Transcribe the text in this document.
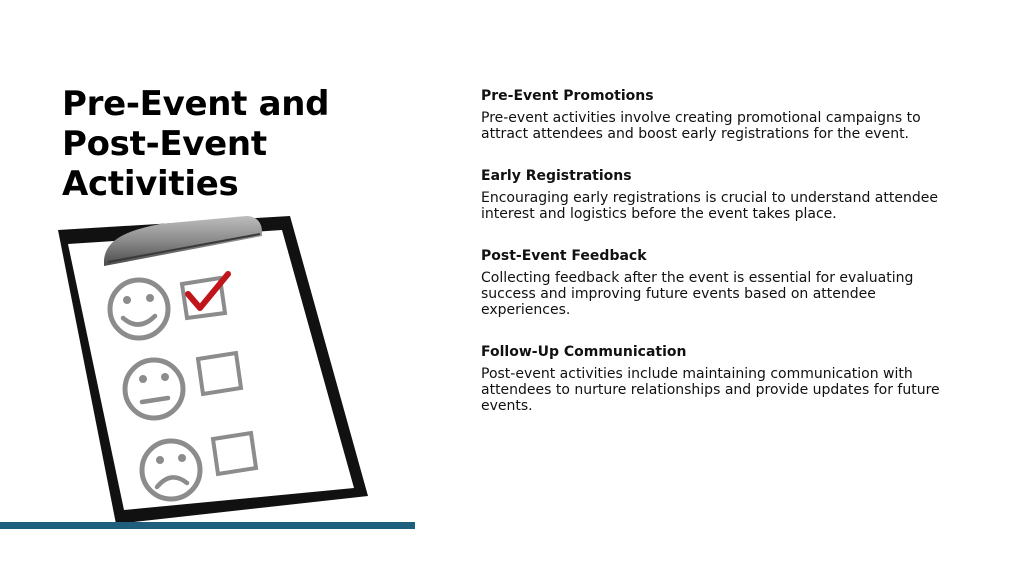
Pre-Event and Post-Event Activities
Pre-Event Promotions
Pre-event activities involve creating promotional campaigns to attract attendees and boost early registrations for the event.
Early Registrations
Encouraging early registrations is crucial to understand attendee interest and logistics before the event takes place.
Post-Event Feedback
Collecting feedback after the event is essential for evaluating success and improving future events based on attendee experiences.
Follow-Up Communication
Post-event activities include maintaining communication with attendees to nurture relationships and provide updates for future events.
